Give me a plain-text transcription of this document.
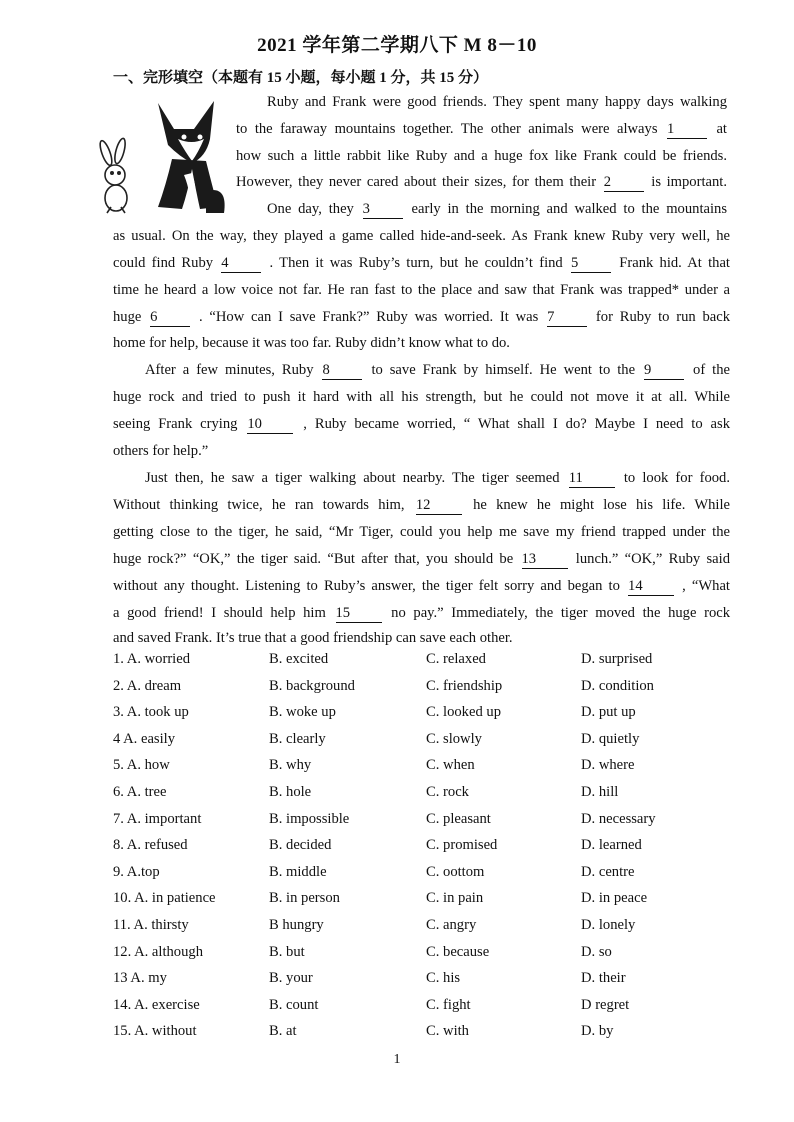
2021 学年第二学期八下 M 8－10
一、完形填空（本题有 15 小题，每小题 1 分，共 15 分）
Ruby and Frank were good friends. They spent many happy days walking
to the faraway mountains together. The other animals were always 1	at
how such a little rabbit like Ruby and a huge fox like Frank could be friends.
However, they never cared about their sizes, for them their 2	is important.
One day, they 3	early in the morning and walked to the mountains
as usual. On the way, they played a game called hide-and-seek. As Frank knew Ruby very well, he
could find Ruby 4	. Then it was Ruby’s turn, but he couldn’t find 5	Frank hid. At that
time he heard a low voice not far. He ran fast to the place and saw that Frank was trapped* under a
huge 6	. “How can I save Frank?” Ruby was worried. It was 7	for Ruby to run back
home for help, because it was too far. Ruby didn’t know what to do.
After a few minutes, Ruby 8	to save Frank by himself. He went to the 9	of the
huge rock and tried to push it hard with all his strength, but he could not move it at all. While
seeing Frank crying 10	, Ruby became worried, “ What shall I do? Maybe I need to ask
others for help.”
Just then, he saw a tiger walking about nearby. The tiger seemed 11	to look for food.
Without thinking twice, he ran towards him, 12	he knew he might lose his life. While
getting close to the tiger, he said, “Mr Tiger, could you help me save my friend trapped under the
huge rock?” “OK,” the tiger said. “But after that, you should be 13	lunch.” “OK,” Ruby said
without any thought. Listening to Ruby’s answer, the tiger felt sorry and began to 14	, “What
a good friend! I should help him 15	no pay.” Immediately, the tiger moved the huge rock
and saved Frank. It’s true that a good friendship can save each other.
1. A. worried	B. excited	C. relaxed	D. surprised
2. A. dream	B. background	C. friendship	D. condition
3. A. took up	B. woke up	C. looked up	D. put up
4 A. easily	B. clearly	C. slowly	D. quietly
5. A. how	B. why	C. when	D. where
6. A. tree	B. hole	C. rock	D. hill
7. A. important	B. impossible	C. pleasant	D. necessary
8. A. refused	B. decided	C. promised	D. learned
9. A.top	B. middle	C. oottom	D. centre
10. A. in patience	B. in person	C. in pain	D. in peace
11. A. thirsty	B hungry	C. angry	D. lonely
12. A. although	B. but	C. because	D. so
13 A. my	B. your	C. his	D. their
14. A. exercise	B. count	C. fight	D regret
15. A. without	B. at	C. with	D. by
1
